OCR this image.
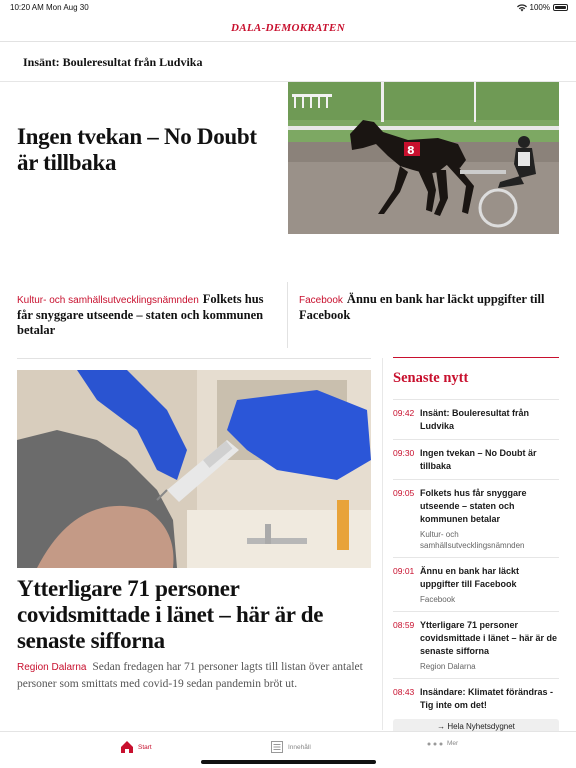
10:20 AM Mon Aug 30	100%
DALA-DEMOKRATEN
Insänt: Bouleresultat från Ludvika
Ingen tvekan – No Doubt är tillbaka	8
Kultur- och samhällsutvecklingsnämnden Folkets hus får snyggare utseende – staten och kommunen betalar
Facebook Ännu en bank har läckt uppgifter till Facebook
Ytterligare 71 personer covidsmittade i länet – här är de senaste sifforna
Region Dalarna Sedan fredagen har 71 personer lagts till listan över antalet personer som smittats med covid-19 sedan pandemin bröt ut.
Senaste nytt
09:42 Insänt: Bouleresultat från Ludvika
09:30 Ingen tvekan – No Doubt är tillbaka
09:05 Folkets hus får snyggare utseende – staten och kommunen betalar
Kultur- och samhällsutvecklingsnämnden
09:01 Ännu en bank har läckt uppgifter till Facebook
Facebook
08:59 Ytterligare 71 personer covidsmittade i länet – här är de senaste sifforna
Region Dalarna
08:43 Insändare: Klimatet förändras - Tig inte om det!
→ Hela Nyhetsdygnet
Start	Innehåll	Mer
